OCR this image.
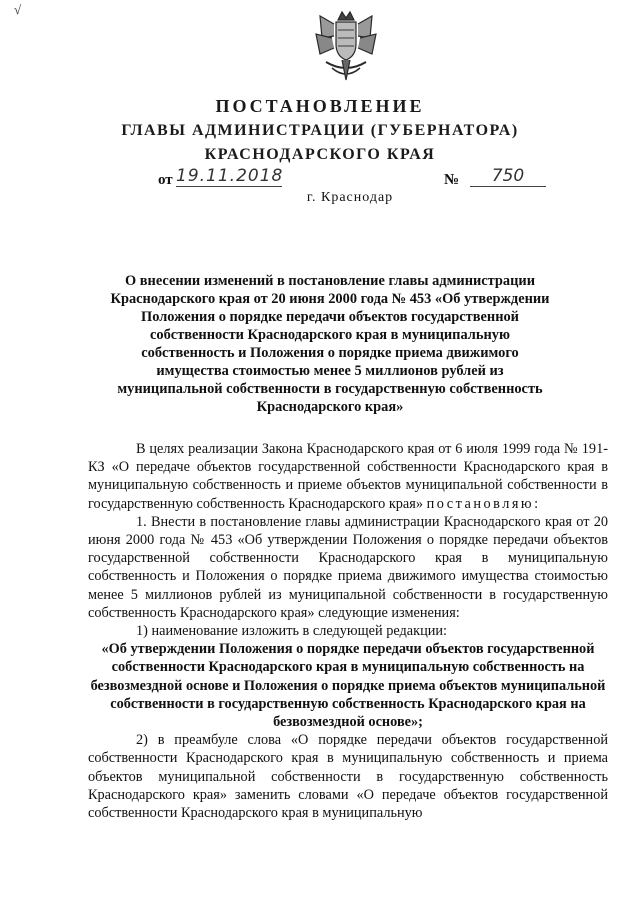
√
ПОСТАНОВЛЕНИЕ
ГЛАВЫ АДМИНИСТРАЦИИ (ГУБЕРНАТОРА)
КРАСНОДАРСКОГО КРАЯ
от 19.11.2018	№	750
г. Краснодар
О внесении изменений в постановление главы администрации Краснодарского края от 20 июня 2000 года № 453 «Об утверждении Положения о порядке передачи объектов государственной собственности Краснодарского края в муниципальную собственность и Положения о порядке приема движимого имущества стоимостью менее 5 миллионов рублей из муниципальной собственности в государственную собственность Краснодарского края»

В целях реализации Закона Краснодарского края от 6 июля 1999 года № 191-КЗ «О передаче объектов государственной собственности Краснодарского края в муниципальную собственность и приеме объектов муниципальной собственности в государственную собственность Краснодарского края» постановляю:

1. Внести в постановление главы администрации Краснодарского края от 20 июня 2000 года № 453 «Об утверждении Положения о порядке передачи объектов государственной собственности Краснодарского края в муниципальную собственность и Положения о порядке приема движимого имущества стоимостью менее 5 миллионов рублей из муниципальной собственности в государственную собственность Краснодарского края» следующие изменения:

1) наименование изложить в следующей редакции:

«Об утверждении Положения о порядке передачи объектов государственной собственности Краснодарского края в муниципальную собственность на безвозмездной основе и Положения о порядке приема объектов муниципальной собственности в государственную собственность Краснодарского края на безвозмездной основе»;

2) в преамбуле слова «О порядке передачи объектов государственной собственности Краснодарского края в муниципальную собственность и приема объектов муниципальной собственности в государственную собственность Краснодарского края» заменить словами «О передаче объектов государственной собственности Краснодарского края в муниципальную
